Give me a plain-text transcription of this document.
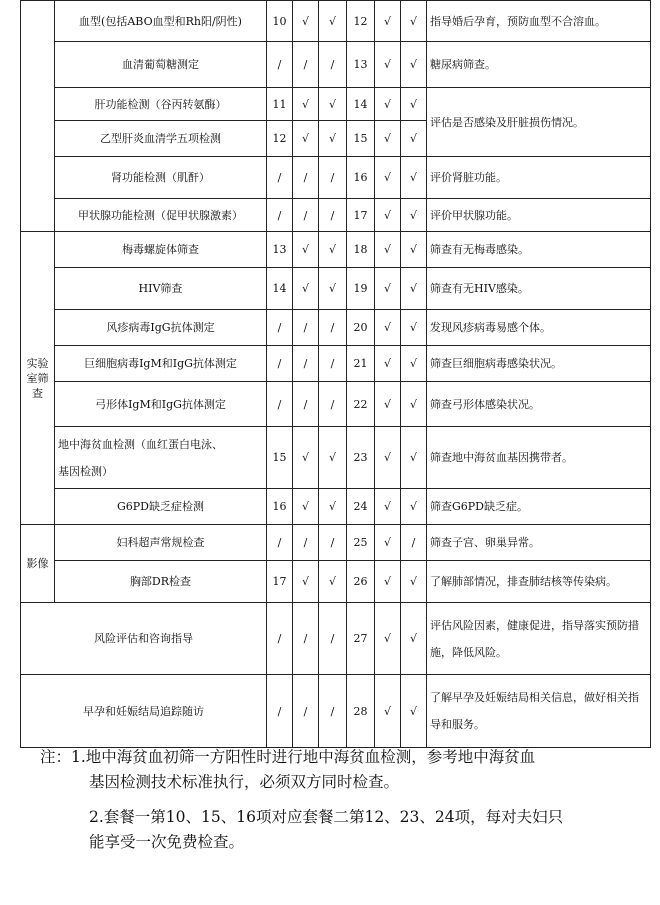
	血型(包括ABO血型和Rh阳/阴性)	10	√	√	12	√	√	指导婚后孕育，预防血型不合溶血。
	血清葡萄糖测定	/	/	/	13	√	√	糖尿病筛查。
	肝功能检测（谷丙转氨酶）	11	√	√	14	√	√	评估是否感染及肝脏损伤情况。
	乙型肝炎血清学五项检测	12	√	√	15	√	√	
	肾功能检测（肌酐）	/	/	/	16	√	√	评价肾脏功能。
	甲状腺功能检测（促甲状腺激素）	/	/	/	17	√	√	评价甲状腺功能。
实验室筛查	梅毒螺旋体筛查	13	√	√	18	√	√	筛查有无梅毒感染。
	HIV筛查	14	√	√	19	√	√	筛查有无HIV感染。
	风疹病毒IgG抗体测定	/	/	/	20	√	√	发现风疹病毒易感个体。
	巨细胞病毒IgM和IgG抗体测定	/	/	/	21	√	√	筛查巨细胞病毒感染状况。
	弓形体IgM和IgG抗体测定	/	/	/	22	√	√	筛查弓形体感染状况。

	地中海贫血检测（血红蛋白电泳、
基因检测）	15	√	√	23	√	√	筛查地中海贫血基因携带者。
	G6PD缺乏症检测	16	√	√	24	√	√	筛查G6PD缺乏症。
影像	妇科超声常规检查	/	/	/	25	√	/	筛查子宫、卵巢异常。
	胸部DR检查	17	√	√	26	√	√	了解肺部情况，排查肺结核等传染病。
风险评估和咨询指导		/	/	/	27	√	√	评估风险因素，健康促进，指导落实预防措
施，降低风险。

早孕和妊娠结局追踪随访		/	/	/	28	√	√	了解早孕及妊娠结局相关信息，做好相关指
导和服务。

注：1.地中海贫血初筛一方阳性时进行地中海贫血检测，参考地中海贫血

基因检测技术标准执行，必须双方同时检查。

2.套餐一第10、15、16项对应套餐二第12、23、24项，每对夫妇只

能享受一次免费检查。
